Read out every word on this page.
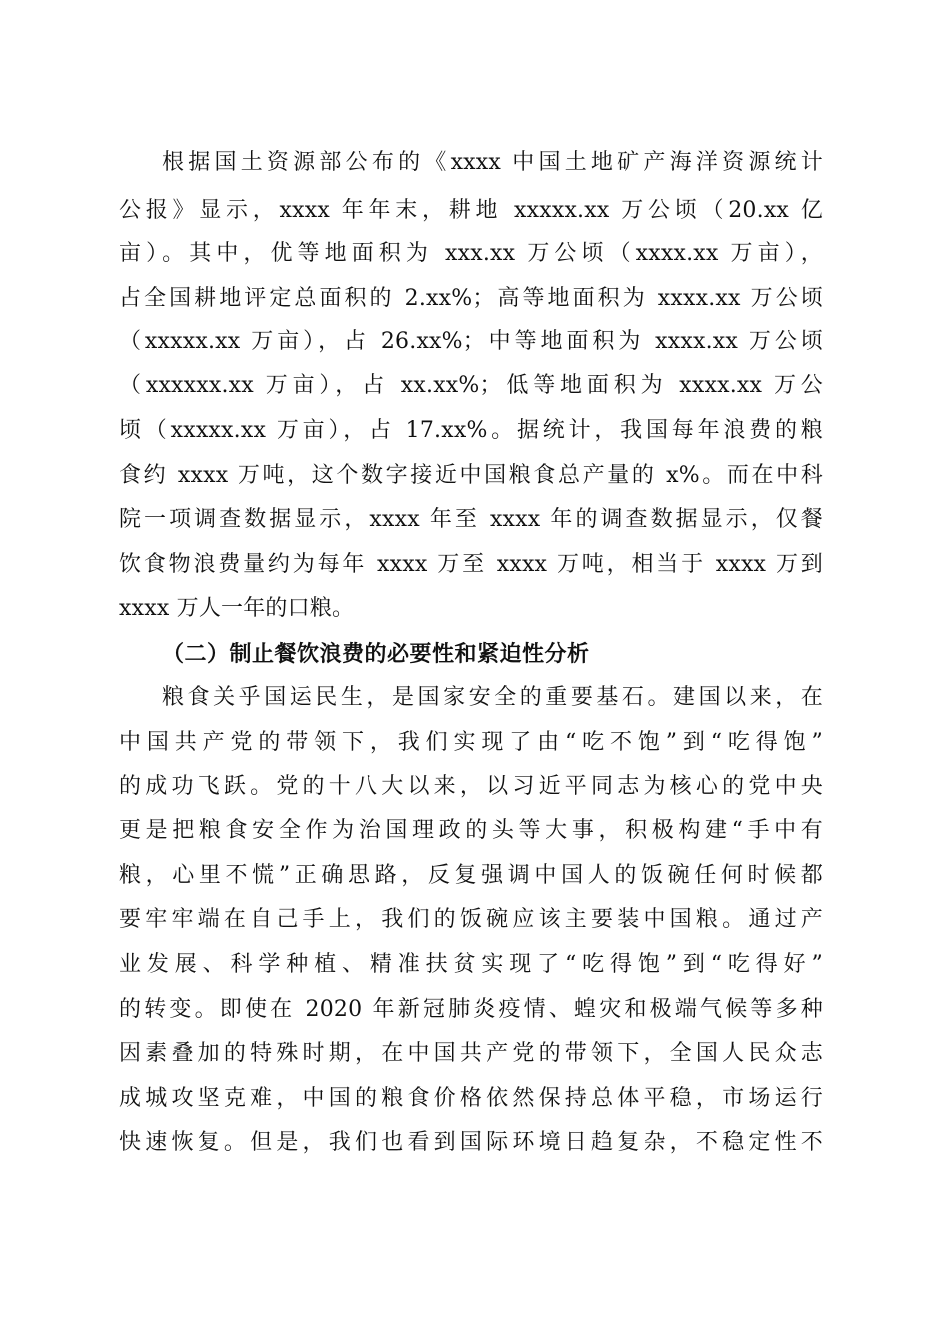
根据国土资源部公布的《xxxx 中国土地矿产海洋资源统计
公报》显示，xxxx 年年末，耕地 xxxxx.xx 万公顷（20.xx 亿
亩）。其中，优等地面积为 xxx.xx 万公顷（xxxx.xx 万亩），
占全国耕地评定总面积的 2.xx%；高等地面积为 xxxx.xx 万公顷
（xxxxx.xx 万亩），占 26.xx%；中等地面积为 xxxx.xx 万公顷
（xxxxxx.xx 万亩），占 xx.xx%；低等地面积为 xxxx.xx 万公
顷（xxxxx.xx 万亩），占 17.xx%。据统计，我国每年浪费的粮
食约 xxxx 万吨，这个数字接近中国粮食总产量的 x%。而在中科
院一项调查数据显示，xxxx 年至 xxxx 年的调查数据显示，仅餐
饮食物浪费量约为每年 xxxx 万至 xxxx 万吨，相当于 xxxx 万到
xxxx 万人一年的口粮。
（二）制止餐饮浪费的必要性和紧迫性分析
粮食关乎国运民生，是国家安全的重要基石。建国以来，在
中国共产党的带领下，我们实现了由“吃不饱”到“吃得饱”
的成功飞跃。党的十八大以来，以习近平同志为核心的党中央
更是把粮食安全作为治国理政的头等大事，积极构建“手中有
粮，心里不慌”正确思路，反复强调中国人的饭碗任何时候都
要牢牢端在自己手上，我们的饭碗应该主要装中国粮。通过产
业发展、科学种植、精准扶贫实现了“吃得饱”到“吃得好”
的转变。即使在 2020 年新冠肺炎疫情、蝗灾和极端气候等多种
因素叠加的特殊时期，在中国共产党的带领下，全国人民众志
成城攻坚克难，中国的粮食价格依然保持总体平稳，市场运行
快速恢复。但是，我们也看到国际环境日趋复杂，不稳定性不
